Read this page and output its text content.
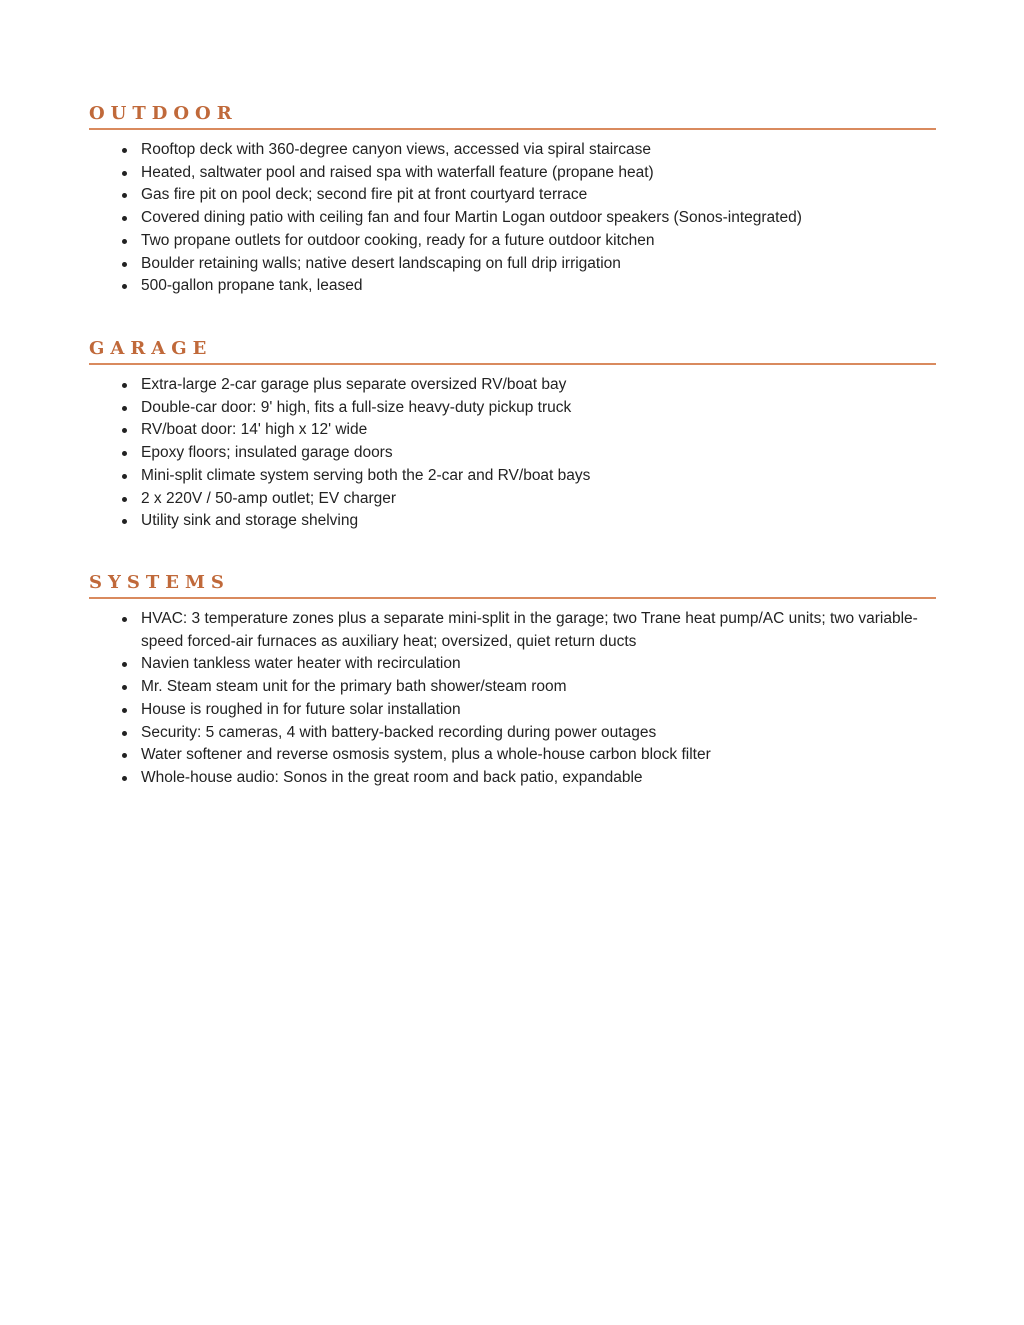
OUTDOOR
Rooftop deck with 360-degree canyon views, accessed via spiral staircase
Heated, saltwater pool and raised spa with waterfall feature (propane heat)
Gas fire pit on pool deck; second fire pit at front courtyard terrace
Covered dining patio with ceiling fan and four Martin Logan outdoor speakers (Sonos-integrated)
Two propane outlets for outdoor cooking, ready for a future outdoor kitchen
Boulder retaining walls; native desert landscaping on full drip irrigation
500-gallon propane tank, leased
GARAGE
Extra-large 2-car garage plus separate oversized RV/boat bay
Double-car door: 9' high, fits a full-size heavy-duty pickup truck
RV/boat door: 14' high x 12' wide
Epoxy floors; insulated garage doors
Mini-split climate system serving both the 2-car and RV/boat bays
2 x 220V / 50-amp outlet; EV charger
Utility sink and storage shelving
SYSTEMS
HVAC: 3 temperature zones plus a separate mini-split in the garage; two Trane heat pump/AC units; two variable-speed forced-air furnaces as auxiliary heat; oversized, quiet return ducts
Navien tankless water heater with recirculation
Mr. Steam steam unit for the primary bath shower/steam room
House is roughed in for future solar installation
Security: 5 cameras, 4 with battery-backed recording during power outages
Water softener and reverse osmosis system, plus a whole-house carbon block filter
Whole-house audio: Sonos in the great room and back patio, expandable
